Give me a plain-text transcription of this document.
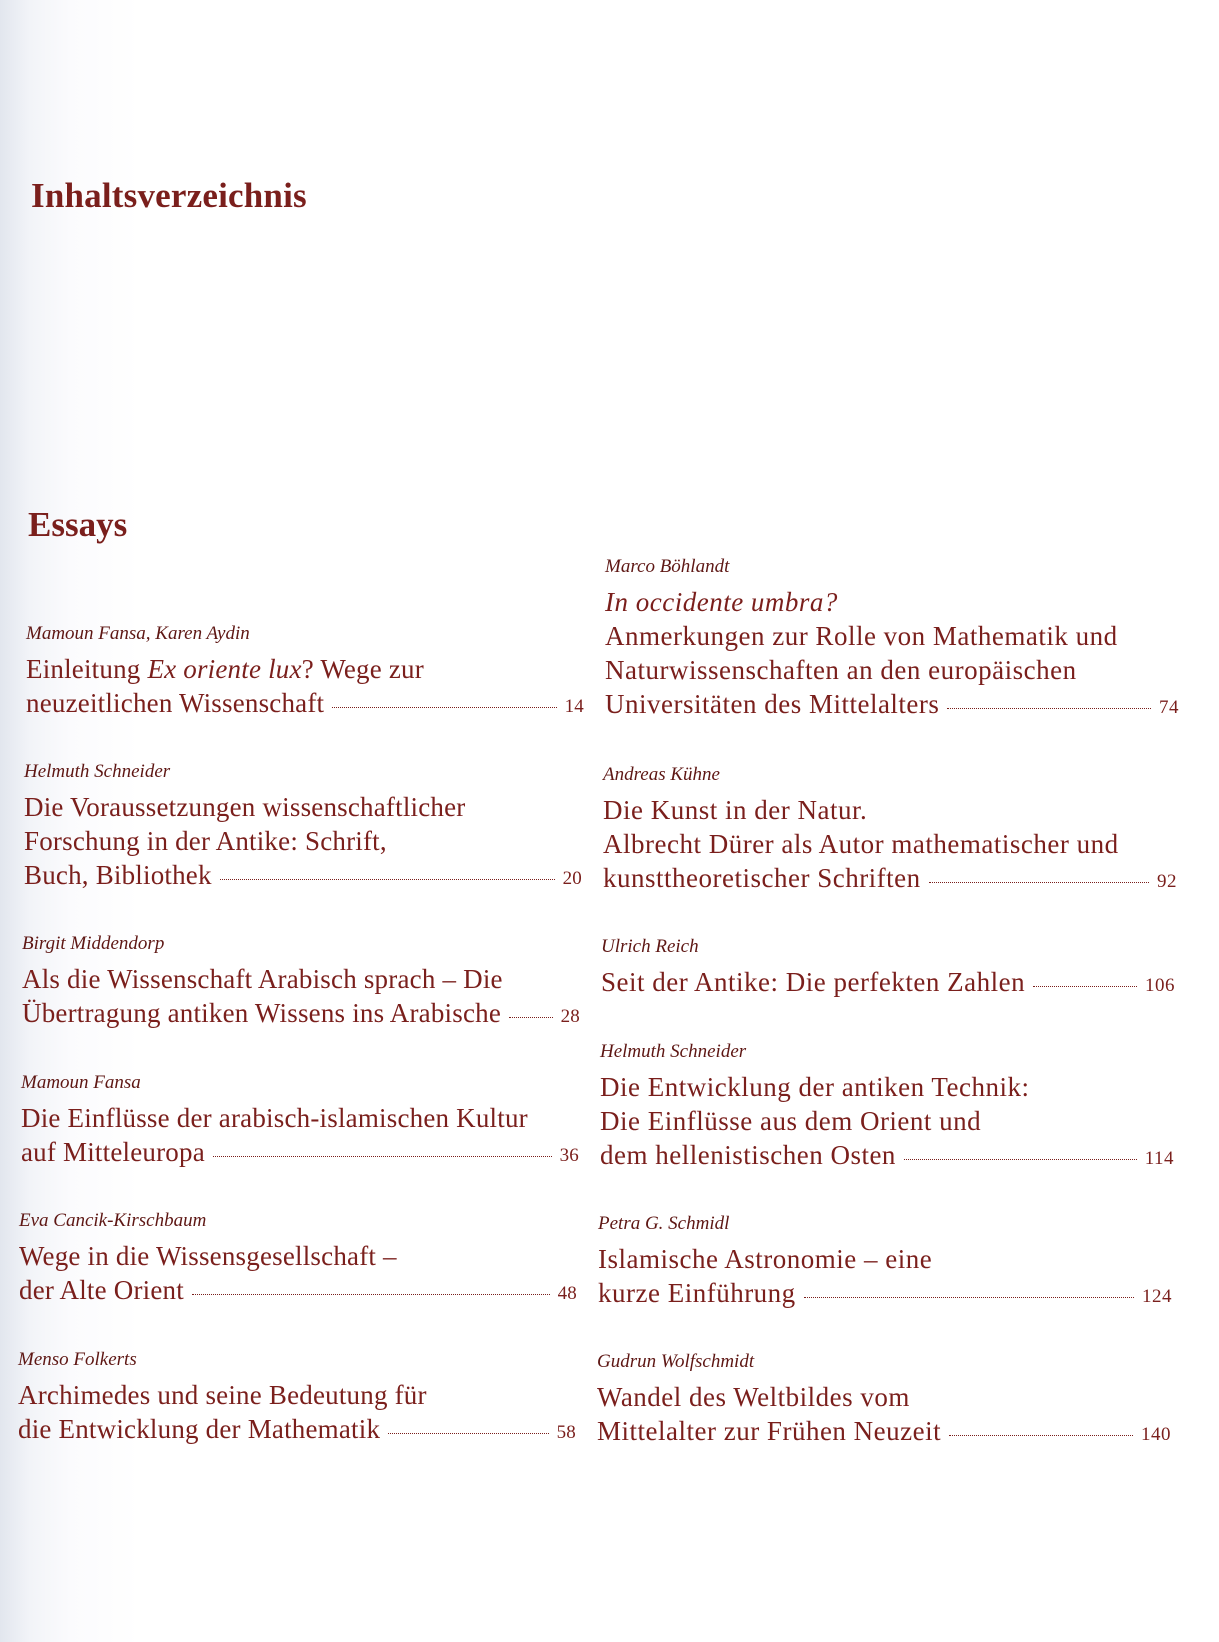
Inhaltsverzeichnis
Essays
Mamoun Fansa, Karen Aydin
Einleitung Ex oriente lux? Wege zur
neuzeitlichen Wissenschaft	14
Helmuth Schneider
Die Voraussetzungen wissenschaftlicher
Forschung in der Antike: Schrift,
Buch, Bibliothek	20
Birgit Middendorp
Als die Wissenschaft Arabisch sprach – Die
Übertragung antiken Wissens ins Arabische	28
Mamoun Fansa
Die Einflüsse der arabisch-islamischen Kultur
auf Mitteleuropa	36
Eva Cancik-Kirschbaum
Wege in die Wissensgesellschaft –
der Alte Orient	48
Menso Folkerts
Archimedes und seine Bedeutung für
die Entwicklung der Mathematik	58
Marco Böhlandt
In occidente umbra?
Anmerkungen zur Rolle von Mathematik und
Naturwissenschaften an den europäischen
Universitäten des Mittelalters	74
Andreas Kühne
Die Kunst in der Natur.
Albrecht Dürer als Autor mathematischer und
kunsttheoretischer Schriften	92
Ulrich Reich
Seit der Antike: Die perfekten Zahlen	106
Helmuth Schneider
Die Entwicklung der antiken Technik:
Die Einflüsse aus dem Orient und
dem hellenistischen Osten	114
Petra G. Schmidl
Islamische Astronomie – eine
kurze Einführung	124
Gudrun Wolfschmidt
Wandel des Weltbildes vom
Mittelalter zur Frühen Neuzeit	140
